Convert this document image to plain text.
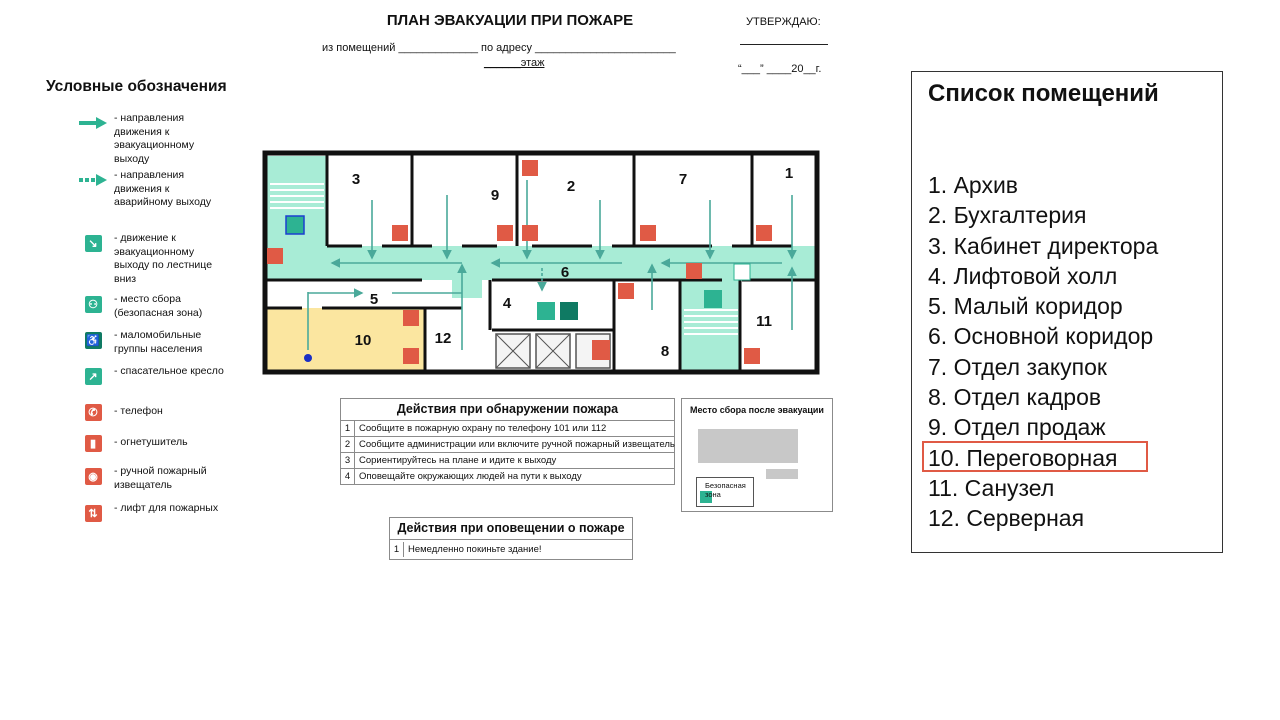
ПЛАН ЭВАКУАЦИИ ПРИ ПОЖАРЕ
из помещений _____________ по адресу _______________________
______этаж
УТВЕРЖДАЮ:
“___” ____20__г.
Условные обозначения
- направления движения к эвакуационному выходу
- направления движения к аварийному выходу
↘	- движение к эвакуационному выходу по лестнице вниз
⚇	- место сбора (безопасная зона)
♿ - маломобильные группы населения
↗	- спасательное кресло
✆	- телефон
▮	- огнетушитель
◉	- ручной пожарный извещатель
⇅	- лифт для пожарных
3
9
2	7	1
6
5	4
10	12
8
11
Действия при обнаружении пожара
1 Сообщите в пожарную охрану по телефону 101 или 112
2 Сообщите администрации или включите ручной пожарный извещатель
3 Сориентируйтесь на плане и идите к выходу
4 Оповещайте окружающих людей на пути к выходу
Действия при оповещении о пожаре
1 Немедленно покиньте здание!
Место сбора после эвакуации
Безопасная зона
Список помещений
1. Архив
2. Бухгалтерия
3. Кабинет директора
4. Лифтовой холл
5. Малый коридор
6. Основной коридор
7. Отдел закупок
8. Отдел кадров
9. Отдел продаж
10. Переговорная
11. Санузел
12. Серверная
